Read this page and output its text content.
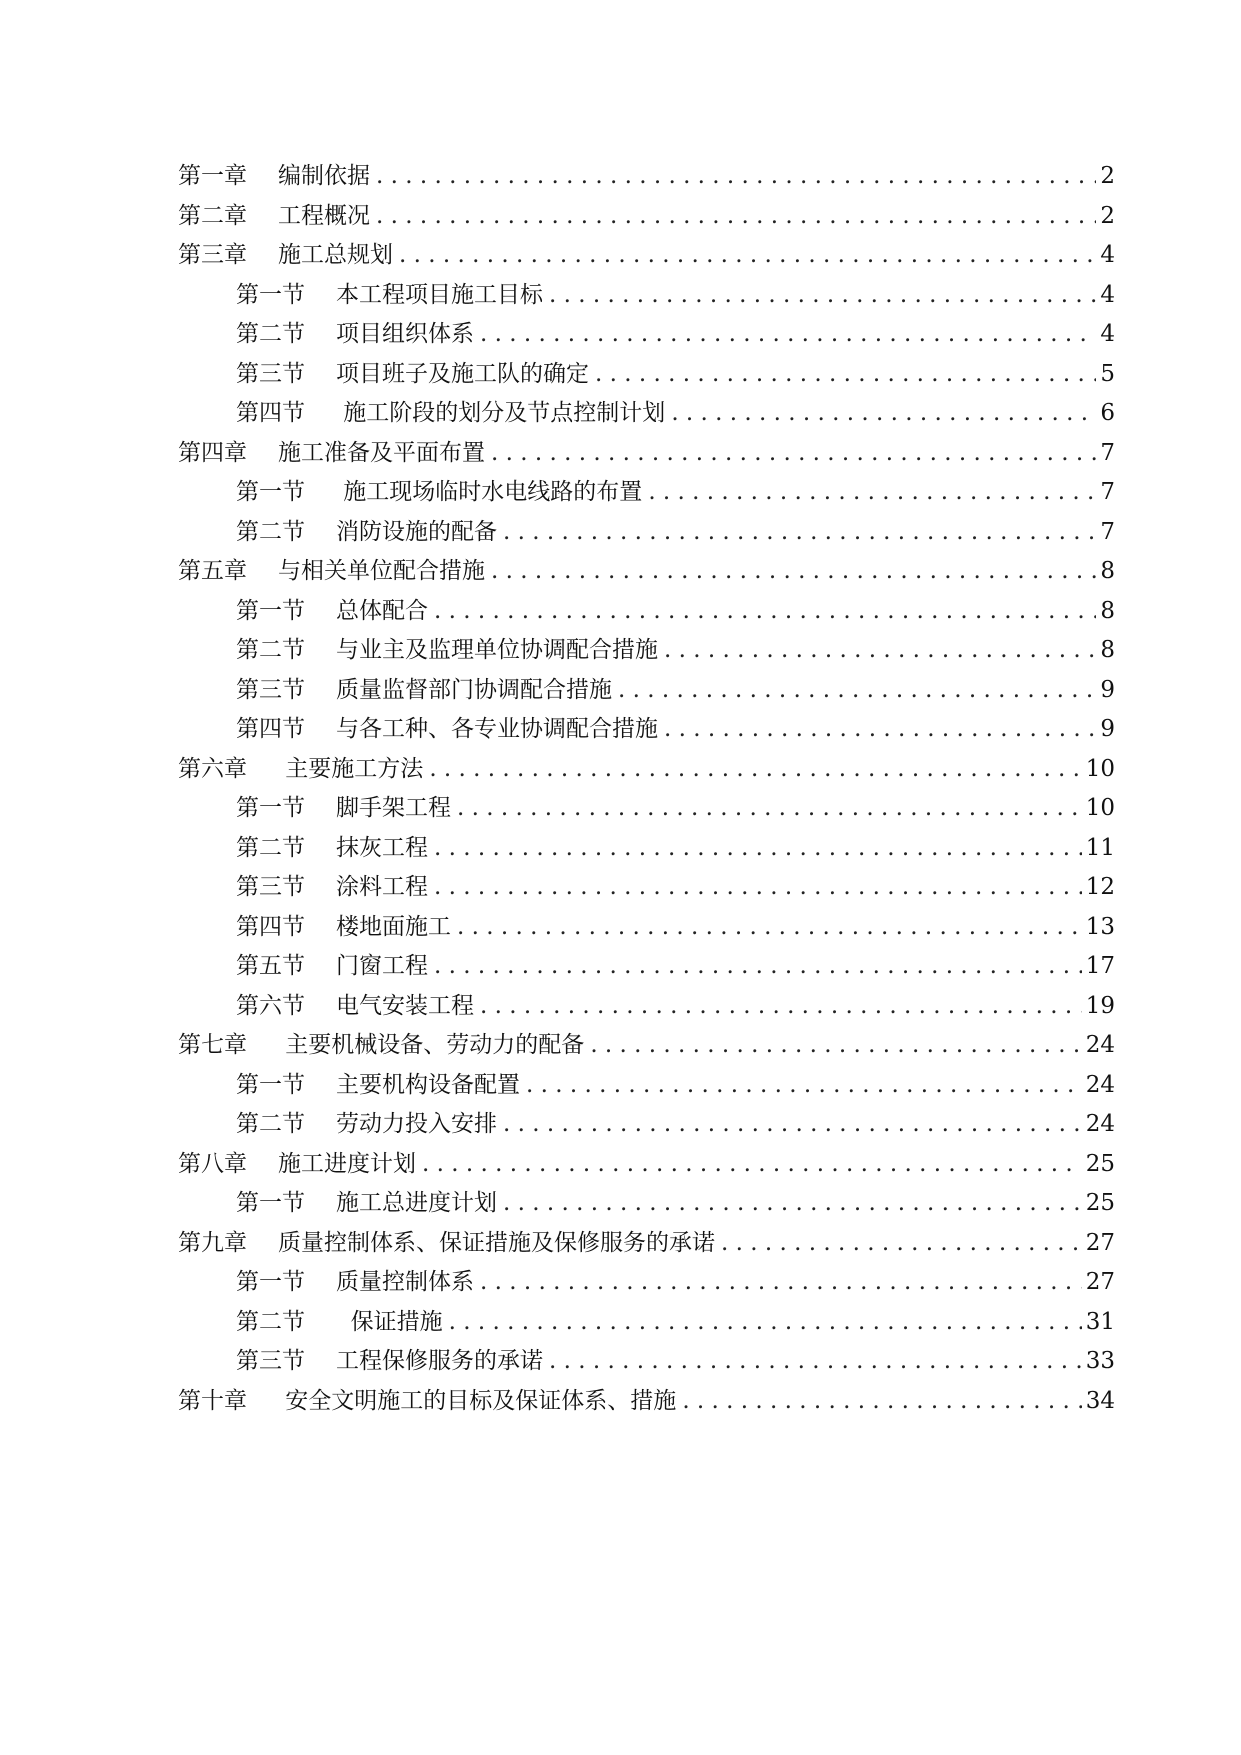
第一章	编制依据 . . .	2
第二章	工程概况 . . .	2
第三章	施工总规划 . . .	4
第一节	本工程项目施工目标 . . .	4
第二节	项目组织体系 . . .	4
第三节	项目班子及施工队的确定 . . .	5
第四节	施工阶段的划分及节点控制计划 . . .	6
第四章	施工准备及平面布置 . . .	7
第一节	施工现场临时水电线路的布置 . . .	7
第二节	消防设施的配备 . . .	7
第五章	与相关单位配合措施 . . .	8
第一节	总体配合 . . .	8
第二节	与业主及监理单位协调配合措施 . . .	8
第三节	质量监督部门协调配合措施 . . .	9
第四节	与各工种、各专业协调配合措施 . . .	9
第六章	主要施工方法 . . .	10
第一节	脚手架工程 . . .	10
第二节	抹灰工程 . . .	11
第三节	涂料工程 . . .	12
第四节	楼地面施工 . . .	13
第五节	门窗工程 . . .	17
第六节	电气安装工程 . . .	19
第七章	主要机械设备、劳动力的配备 . . .	24
第一节	主要机构设备配置 . . .	24
第二节	劳动力投入安排 . . .	24
第八章	施工进度计划 . . .	25
第一节	施工总进度计划 . . .	25
第九章	质量控制体系、保证措施及保修服务的承诺 . . .	27
第一节	质量控制体系 . . .	27
第二节	保证措施 . . .	31
第三节	工程保修服务的承诺 . . .	33
第十章	安全文明施工的目标及保证体系、措施 . . .	34
